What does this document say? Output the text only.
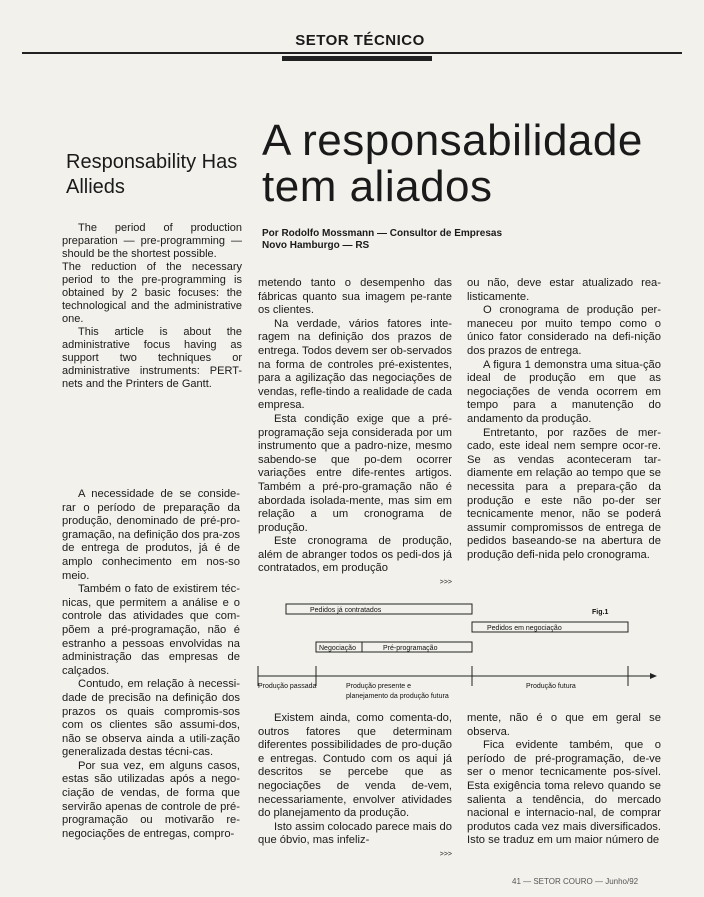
SETOR TÉCNICO
A responsabilidade tem aliados
Responsability Has Allieds
Por Rodolfo Mossmann — Consultor de Empresas
Novo Hamburgo — RS

The period of production preparation — pre-programming — should be the shortest possible.

The reduction of the necessary period to the pre-programming is obtained by 2 basic focuses: the technological and the administrative one.

This article is about the administrative focus having as support two techniques or administrative instruments: PERT-nets and the Printers de Gantt.

A necessidade de se conside-rar o período de preparação da produção, denominado de pré-pro-gramação, na definição dos pra-zos de entrega de produtos, já é de amplo conhecimento em nos-so meio.

Também o fato de existirem téc-nicas, que permitem a análise e o controle das atividades que com-põem a pré-programação, não é estranho a pessoas envolvidas na administração das empresas de calçados.

Contudo, em relação à necessi-dade de precisão na definição dos prazos os quais compromis-sos com os clientes são assumi-dos, não se observa ainda a utili-zação generalizada destas técni-cas.

Por sua vez, em alguns casos, estas são utilizadas após a nego-ciação de vendas, de forma que servirão apenas de controle de pré-programação ou motivarão re-negociações de entregas, compro-

metendo tanto o desempenho das fábricas quanto sua imagem pe-rante os clientes.

Na verdade, vários fatores inte-ragem na definição dos prazos de entrega. Todos devem ser ob-servados na forma de controles pré-existentes, para a agilização das negociações de vendas, refle-tindo a realidade de cada empresa.

Esta condição exige que a pré-programação seja considerada por um instrumento que a padro-nize, mesmo sabendo-se que po-dem ocorrer variações entre dife-rentes artigos. Também a pré-pro-gramação não é abordada isolada-mente, mas sim em relação a um cronograma de produção.

Este cronograma de produção, além de abranger todos os pedi-dos já contratados, em produção

>>>

ou não, deve estar atualizado rea-listicamente.

O cronograma de produção per-maneceu por muito tempo como o único fator considerado na defi-nição dos prazos de entrega.

A figura 1 demonstra uma situa-ção ideal de produção em que as negociações de venda ocorrem em tempo para a manutenção do andamento da produção.

Entretanto, por razões de mer-cado, este ideal nem sempre ocor-re. Se as vendas aconteceram tar-diamente em relação ao tempo que se necessita para a prepara-ção da produção e este não po-der ser tecnicamente menor, não se poderá assumir compromissos de entrega de pedidos baseando-se na abertura de produção defi-nida pelo cronograma.

Pedidos já contratados
Pedidos em negociação
Fig.1
Negociação	Pré-programação
Produção passada	Produção presente e
planejamento da produção futura
Produção futura

Existem ainda, como comenta-do, outros fatores que determinam diferentes possibilidades de pro-dução e entregas. Contudo com os aqui já descritos se percebe que as negociações de venda de-vem, necessariamente, envolver atividades do planejamento da produção.

Isto assim colocado parece mais do que óbvio, mas infeliz-

>>>

mente, não é o que em geral se observa.

Fica evidente também, que o período de pré-programação, de-ve ser o menor tecnicamente pos-sível. Esta exigência toma relevo quando se salienta a tendência, do mercado nacional e internacio-nal, de comprar produtos cada vez mais diversificados. Isto se traduz em um maior número de

41 — SETOR COURO — Junho/92
